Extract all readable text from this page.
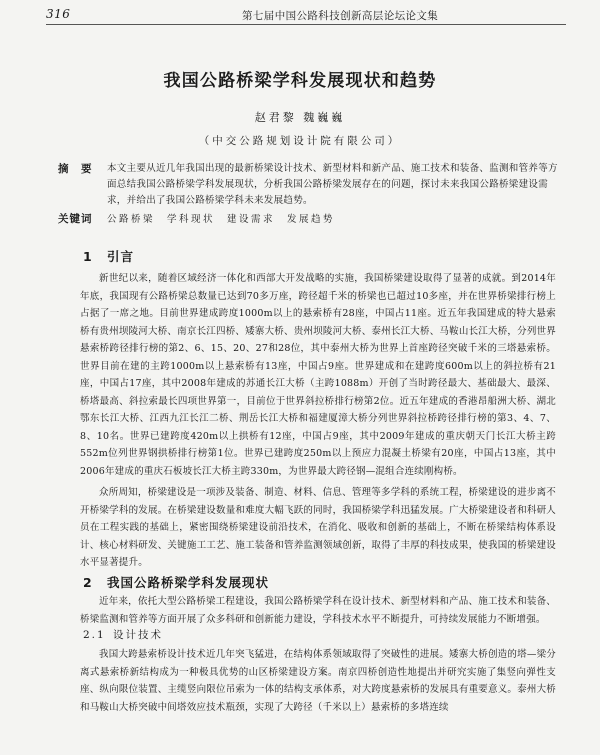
316	第七届中国公路科技创新高层论坛论文集
我国公路桥梁学科发展现状和趋势
赵君黎 魏巍巍
（中交公路规划设计院有限公司）
摘　要 本文主要从近几年我国出现的最新桥梁设计技术、新型材料和新产品、施工技术和装备、监测和管养等方面总结我国公路桥梁学科发展现状，分析我国公路桥梁发展存在的问题，探讨未来我国公路桥梁建设需求，并给出了我国公路桥梁学科未来发展趋势。
关键词 公路桥梁　学科现状　建设需求　发展趋势
1 引言
新世纪以来，随着区域经济一体化和西部大开发战略的实施，我国桥梁建设取得了显著的成就。到2014年年底，我国现有公路桥梁总数量已达到70多万座，跨径超千米的桥梁也已超过10多座，并在世界桥梁排行榜上占据了一席之地。目前世界建成跨度1000m以上的悬索桥有28座，中国占11座。近五年我国建成的特大悬索桥有贵州坝陵河大桥、南京长江四桥、矮寨大桥、贵州坝陵河大桥、泰州长江大桥、马鞍山长江大桥，分列世界悬索桥跨径排行榜的第2、6、15、20、27和28位，其中泰州大桥为世界上首座跨径突破千米的三塔悬索桥。世界目前在建的主跨1000m以上悬索桥有13座，中国占9座。世界建成和在建跨度600m以上的斜拉桥有21座，中国占17座，其中2008年建成的苏通长江大桥（主跨1088m）开创了当时跨径最大、基础最大、最深、桥塔最高、斜拉索最长四项世界第一，目前位于世界斜拉桥排行榜第2位。近五年建成的香港昂船洲大桥、湖北鄂东长江大桥、江西九江长江二桥、荆岳长江大桥和福建厦漳大桥分列世界斜拉桥跨径排行榜的第3、4、7、8、10名。世界已建跨度420m以上拱桥有12座，中国占9座，其中2009年建成的重庆朝天门长江大桥主跨552m位列世界钢拱桥排行榜第1位。世界已建跨度250m以上预应力混凝土桥梁有20座，中国占13座，其中2006年建成的重庆石板坡长江大桥主跨330m，为世界最大跨径钢—混组合连续刚构桥。
众所周知，桥梁建设是一项涉及装备、制造、材料、信息、管理等多学科的系统工程，桥梁建设的进步离不开桥梁学科的发展。在桥梁建设数量和难度大幅飞跃的同时，我国桥梁学科迅猛发展。广大桥梁建设者和科研人员在工程实践的基础上，紧密围绕桥梁建设前沿技术，在消化、吸收和创新的基础上，不断在桥梁结构体系设计、核心材料研发、关键施工工艺、施工装备和管养监测领域创新，取得了丰厚的科技成果，使我国的桥梁建设水平显著提升。
2 我国公路桥梁学科发展现状
近年来，依托大型公路桥梁工程建设，我国公路桥梁学科在设计技术、新型材料和产品、施工技术和装备、桥梁监测和管养等方面开展了众多科研和创新能力建设，学科技术水平不断提升，可持续发展能力不断增强。
2.1 设计技术
我国大跨悬索桥设计技术近几年突飞猛进，在结构体系领域取得了突破性的进展。矮寨大桥创造的塔—梁分离式悬索桥新结构成为一种极具优势的山区桥梁建设方案。南京四桥创造性地提出并研究实施了集竖向弹性支座、纵向限位装置、主缆竖向限位吊索为一体的结构支承体系，对大跨度悬索桥的发展具有重要意义。泰州大桥和马鞍山大桥突破中间塔效应技术瓶颈，实现了大跨径（千米以上）悬索桥的多塔连续
